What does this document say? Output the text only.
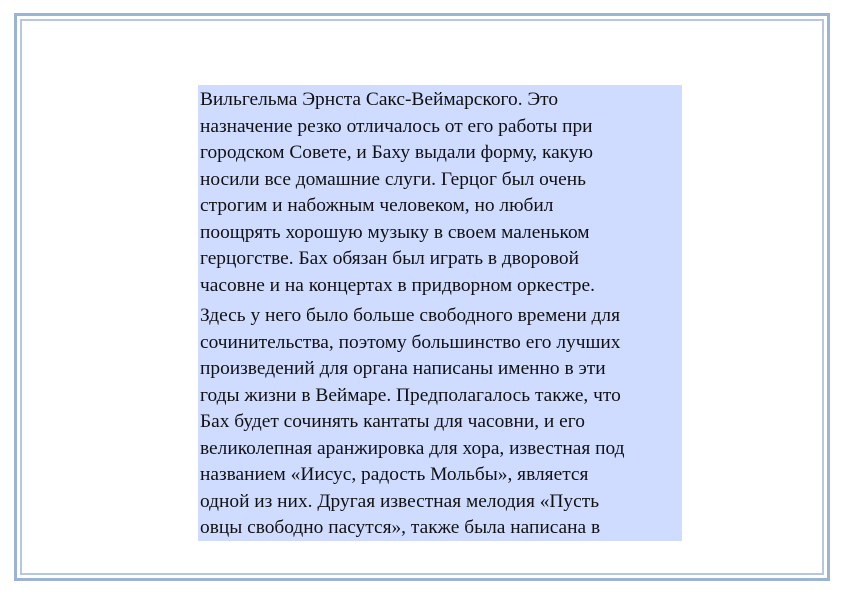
Вильгельма Эрнста Сакс-Веймарского. Это
назначение резко отличалось от его работы при
городском Совете, и Баху выдали форму, какую
носили все домашние слуги. Герцог был очень
строгим и набожным человеком, но любил
поощрять хорошую музыку в своем маленьком
герцогстве. Бах обязан был играть в дворовой
часовне и на концертах в придворном оркестре.

Здесь у него было больше свободного времени для
сочинительства, поэтому большинство его лучших
произведений для органа написаны именно в эти
годы жизни в Веймаре. Предполагалось также, что
Бах будет сочинять кантаты для часовни, и его
великолепная аранжировка для хора, известная под
названием «Иисус, радость Мольбы», является
одной из них. Другая известная мелодия «Пусть
овцы свободно пасутся», также была написана в
